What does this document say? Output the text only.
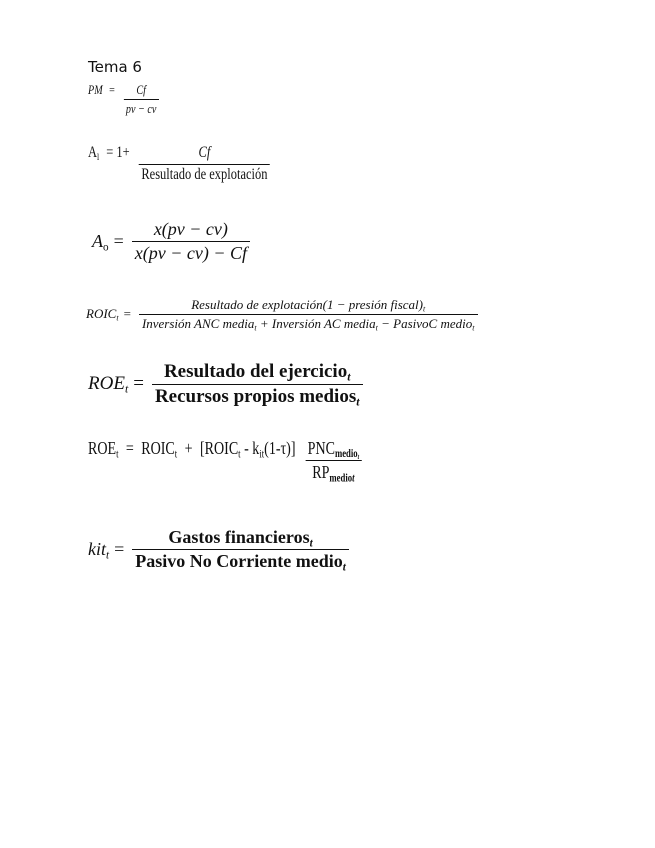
Tema 6
PM = $\frac{Cf}{pv - cv}$
$A_l = 1+ \frac{Cf}{\text{Resultado de explotación}}$
$A_o = \frac{x(pv - cv)}{x(pv - cv) - Cf}$
$ROIC_t = \frac{Resultado de explotación(1 - presión fiscal)_t}{Inversión ANC media_t + Inversión AC media_t - PasivoC medio_t}$
$ROE_t = \frac{Resultado del ejercicio_t}{Recursos propios medios_t}$
$ROE_t$ = $ROIC_t$ + $[ROIC_t - k_{it}(1-\tau)] \frac{PNC_{medio_t}}{RP_{mediot}}$
$kit_t = \frac{Gastos financieros_t}{Pasivo No Corriente medio_t}$
